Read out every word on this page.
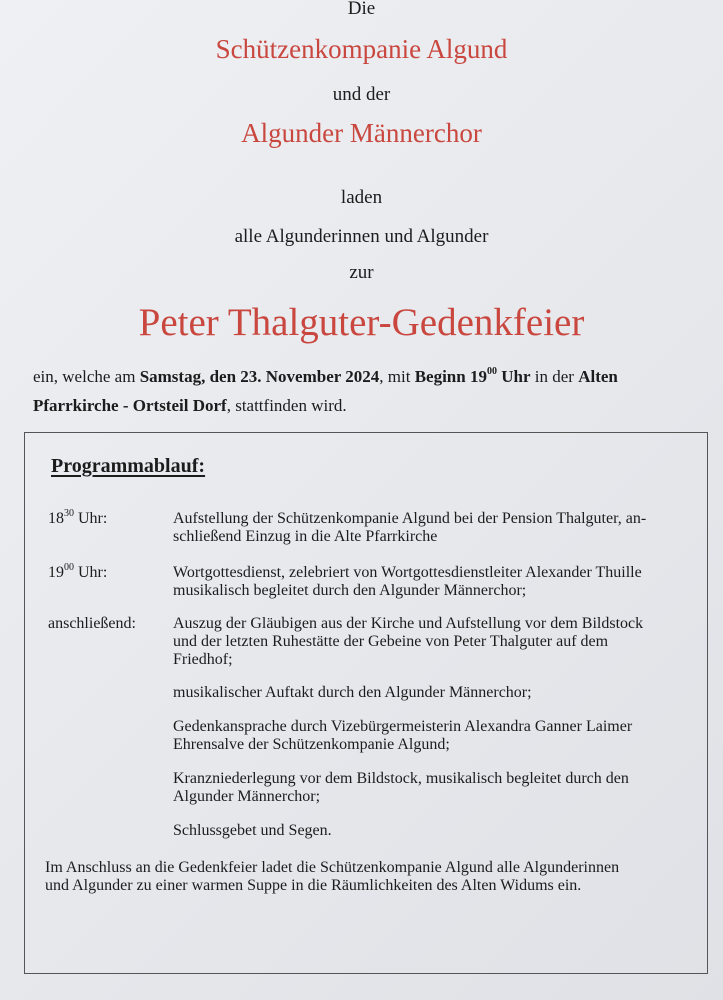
Die
Schützenkompanie Algund
und der
Algunder Männerchor
laden
alle Algunderinnen und Algunder
zur
Peter Thalguter-Gedenkfeier
ein, welche am Samstag, den 23. November 2024, mit Beginn $19^{00}$ Uhr in der Alten
Pfarrkirche - Ortsteil Dorf, stattfinden wird.
Programmablauf:
$18^{30}$ Uhr:	Aufstellung der Schützenkompanie Algund bei der Pension Thalguter, an-
schließend Einzug in die Alte Pfarrkirche
$19^{00}$ Uhr:	Wortgottesdienst, zelebriert von Wortgottesdienstleiter Alexander Thuille
musikalisch begleitet durch den Algunder Männerchor;
anschließend: Auszug der Gläubigen aus der Kirche und Aufstellung vor dem Bildstock
und der letzten Ruhestätte der Gebeine von Peter Thalguter auf dem
Friedhof;
musikalischer Auftakt durch den Algunder Männerchor;
Gedenkansprache durch Vizebürgermeisterin Alexandra Ganner Laimer
Ehrensalve der Schützenkompanie Algund;
Kranzniederlegung vor dem Bildstock, musikalisch begleitet durch den
Algunder Männerchor;
Schlussgebet und Segen.
Im Anschluss an die Gedenkfeier ladet die Schützenkompanie Algund alle Algunderinnen
und Algunder zu einer warmen Suppe in die Räumlichkeiten des Alten Widums ein.
